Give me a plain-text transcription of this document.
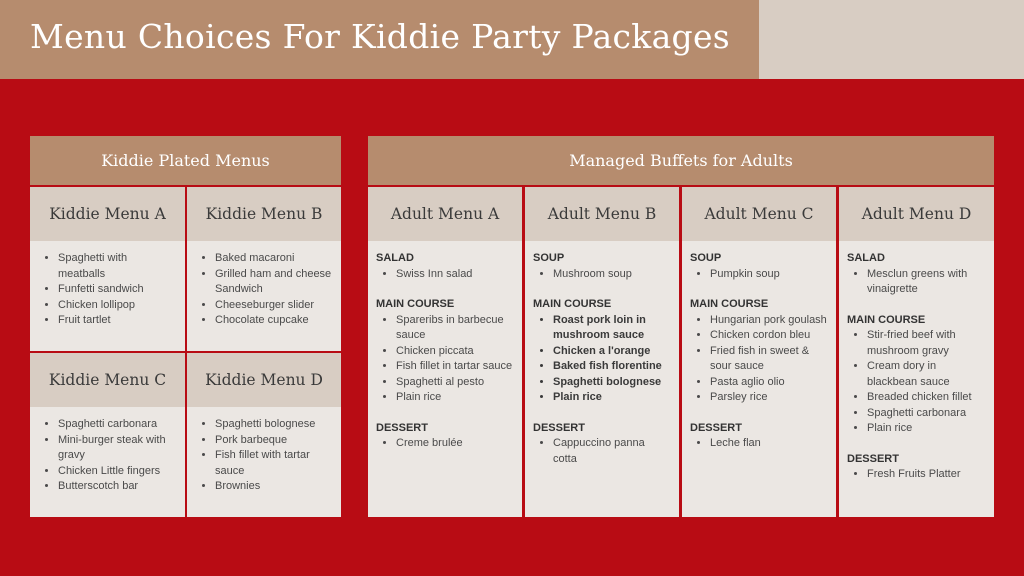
Menu Choices For Kiddie Party Packages
Kiddie Plated Menus
Kiddie Menu A
• Spaghetti with meatballs
• Funfetti sandwich
• Chicken lollipop
• Fruit tartlet
Kiddie Menu B
• Baked macaroni
• Grilled ham and cheese Sandwich
• Cheeseburger slider
• Chocolate cupcake
Kiddie Menu C
• Spaghetti carbonara
• Mini-burger steak with gravy
• Chicken Little fingers
• Butterscotch bar
Kiddie Menu D
• Spaghetti bolognese
• Pork barbeque
• Fish fillet with tartar sauce
• Brownies
Managed Buffets for Adults
Adult Menu A
SALAD
• Swiss Inn salad
MAIN COURSE
• Spareribs in barbecue sauce
• Chicken piccata
• Fish fillet in tartar sauce
• Spaghetti al pesto
• Plain rice
DESSERT
• Creme brulée
Adult Menu B
SOUP
• Mushroom soup
MAIN COURSE
• Roast pork loin in mushroom sauce
• Chicken a l'orange
• Baked fish florentine
• Spaghetti bolognese
• Plain rice
DESSERT
• Cappuccino panna cotta
Adult Menu C
SOUP
• Pumpkin soup
MAIN COURSE
• Hungarian pork goulash
• Chicken cordon bleu
• Fried fish in sweet & sour sauce
• Pasta aglio olio
• Parsley rice
DESSERT
• Leche flan
Adult Menu D
SALAD
• Mesclun greens with vinaigrette
MAIN COURSE
• Stir-fried beef with mushroom gravy
• Cream dory in blackbean sauce
• Breaded chicken fillet
• Spaghetti carbonara
• Plain rice
DESSERT
• Fresh Fruits Platter
